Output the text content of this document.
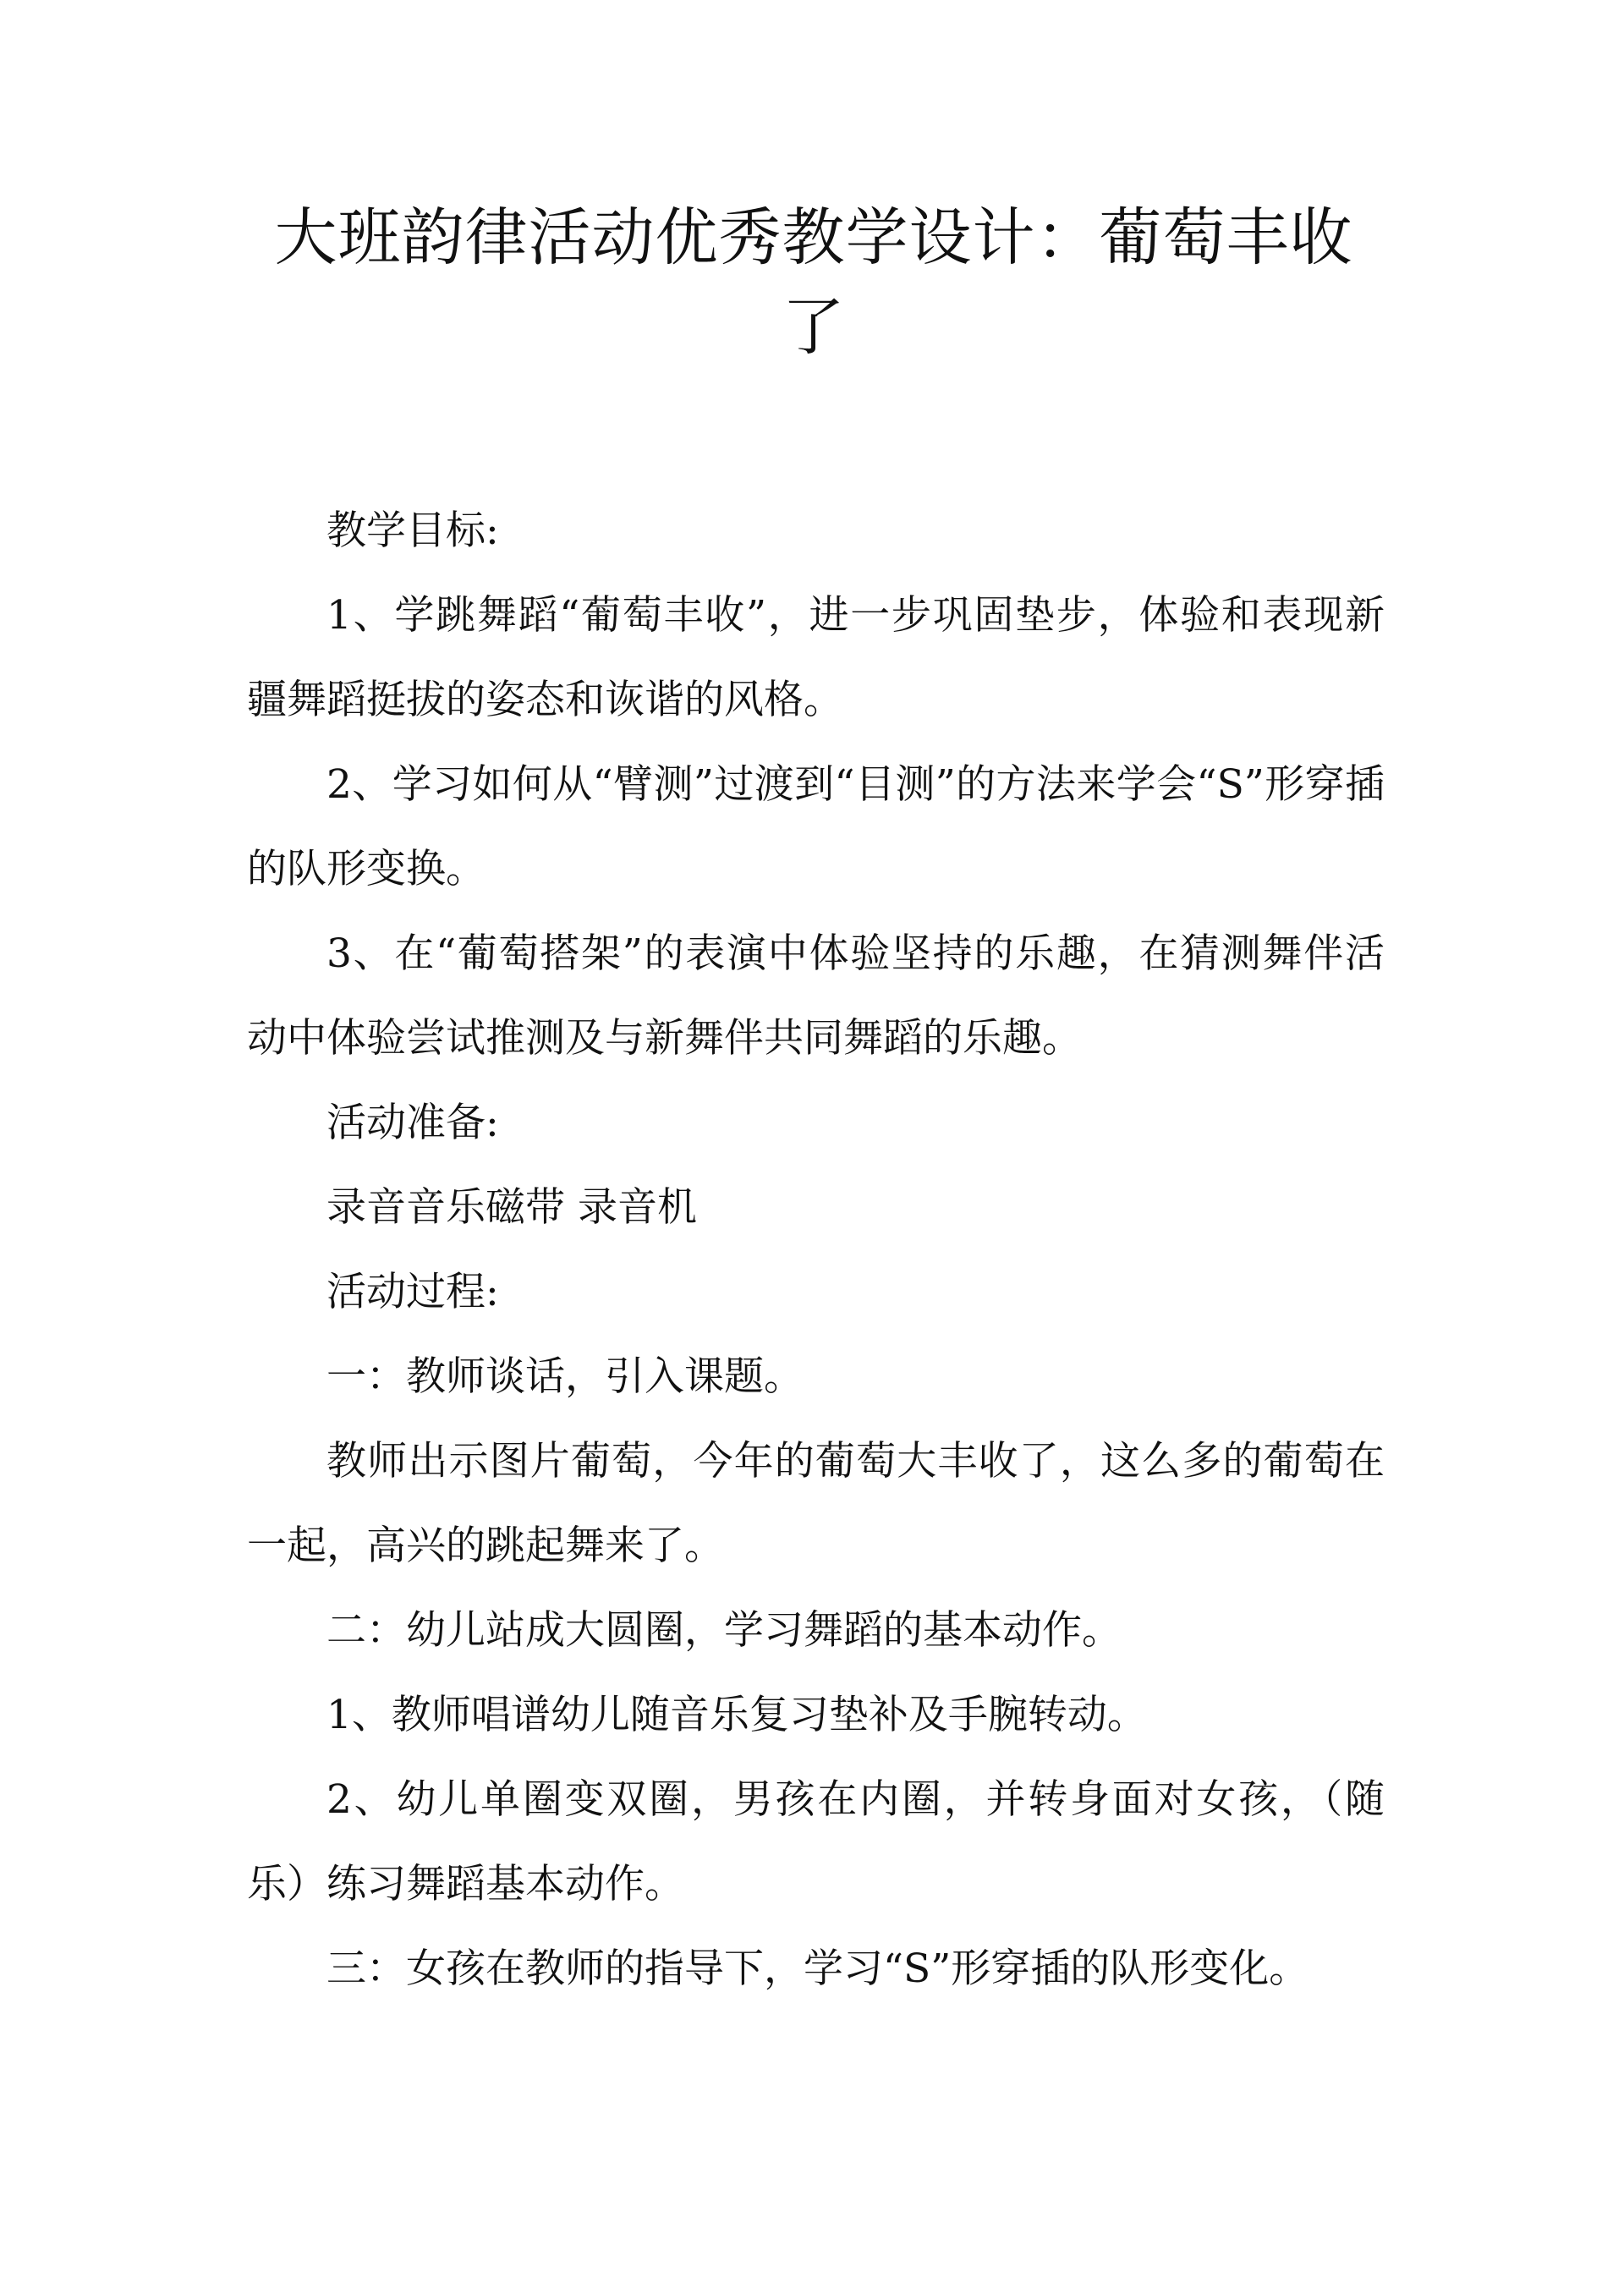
大班韵律活动优秀教学设计：葡萄丰收了

教学目标:

1、学跳舞蹈“葡萄丰收”，进一步巩固垫步，体验和表现新疆舞蹈挺拔的姿态和诙谐的风格。

2、学习如何从“臂测”过渡到“目测”的方法来学会“S”形穿插的队形变换。

3、在“葡萄搭架”的表演中体验坚持的乐趣，在猜测舞伴活动中体验尝试推测及与新舞伴共同舞蹈的乐趣。

活动准备:

录音音乐磁带 录音机

活动过程:

一：教师谈话，引入课题。

教师出示图片葡萄，今年的葡萄大丰收了，这么多的葡萄在一起，高兴的跳起舞来了。

二：幼儿站成大圆圈，学习舞蹈的基本动作。

1、教师唱谱幼儿随音乐复习垫补及手腕转动。

2、幼儿单圈变双圈，男孩在内圈，并转身面对女孩，（随乐）练习舞蹈基本动作。

三：女孩在教师的指导下，学习“S”形穿插的队形变化。
